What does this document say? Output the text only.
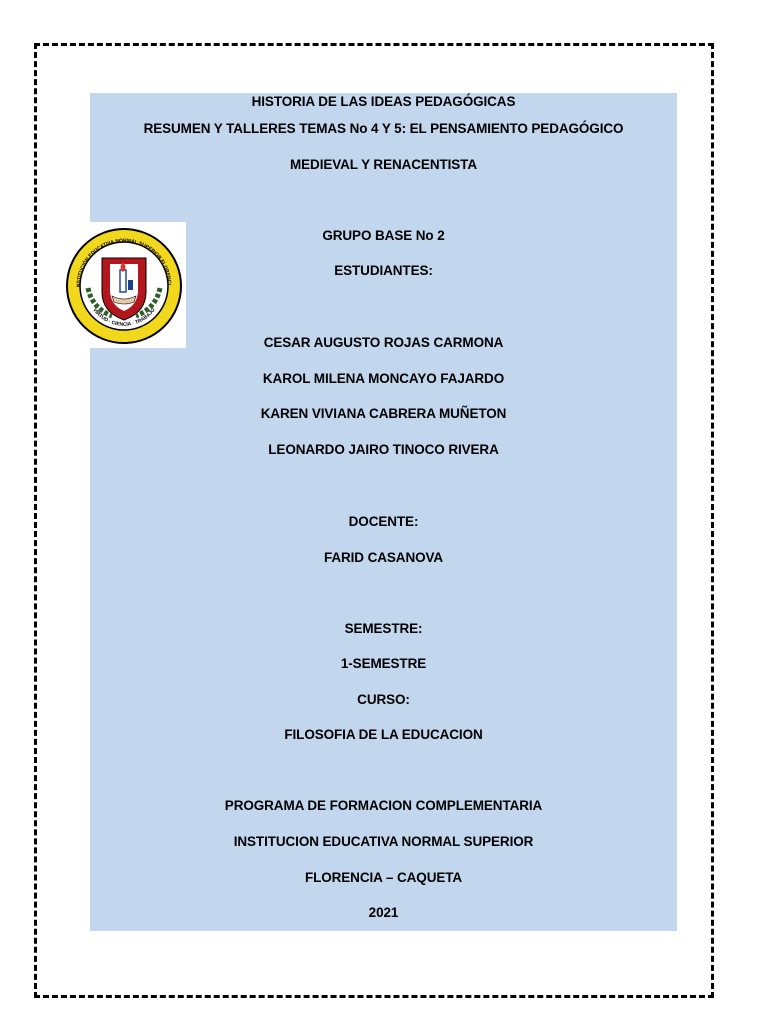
HISTORIA DE LAS IDEAS PEDAGÓGICAS
RESUMEN Y TALLERES TEMAS No 4 Y 5: EL PENSAMIENTO PEDAGÓGICO
MEDIEVAL Y RENACENTISTA
NSTITUCIÓN EDUCATIVA NORMAL SUPERIOR FLORENCI
VIRTUD · CIENCIA · TRABAJO
GRUPO BASE No 2
ESTUDIANTES:
CESAR AUGUSTO ROJAS CARMONA
KAROL MILENA MONCAYO FAJARDO
KAREN VIVIANA CABRERA MUÑETON
LEONARDO JAIRO TINOCO RIVERA
DOCENTE:
FARID CASANOVA
SEMESTRE:
1-SEMESTRE
CURSO:
FILOSOFIA DE LA EDUCACION
PROGRAMA DE FORMACION COMPLEMENTARIA
INSTITUCION EDUCATIVA NORMAL SUPERIOR
FLORENCIA – CAQUETA
2021
